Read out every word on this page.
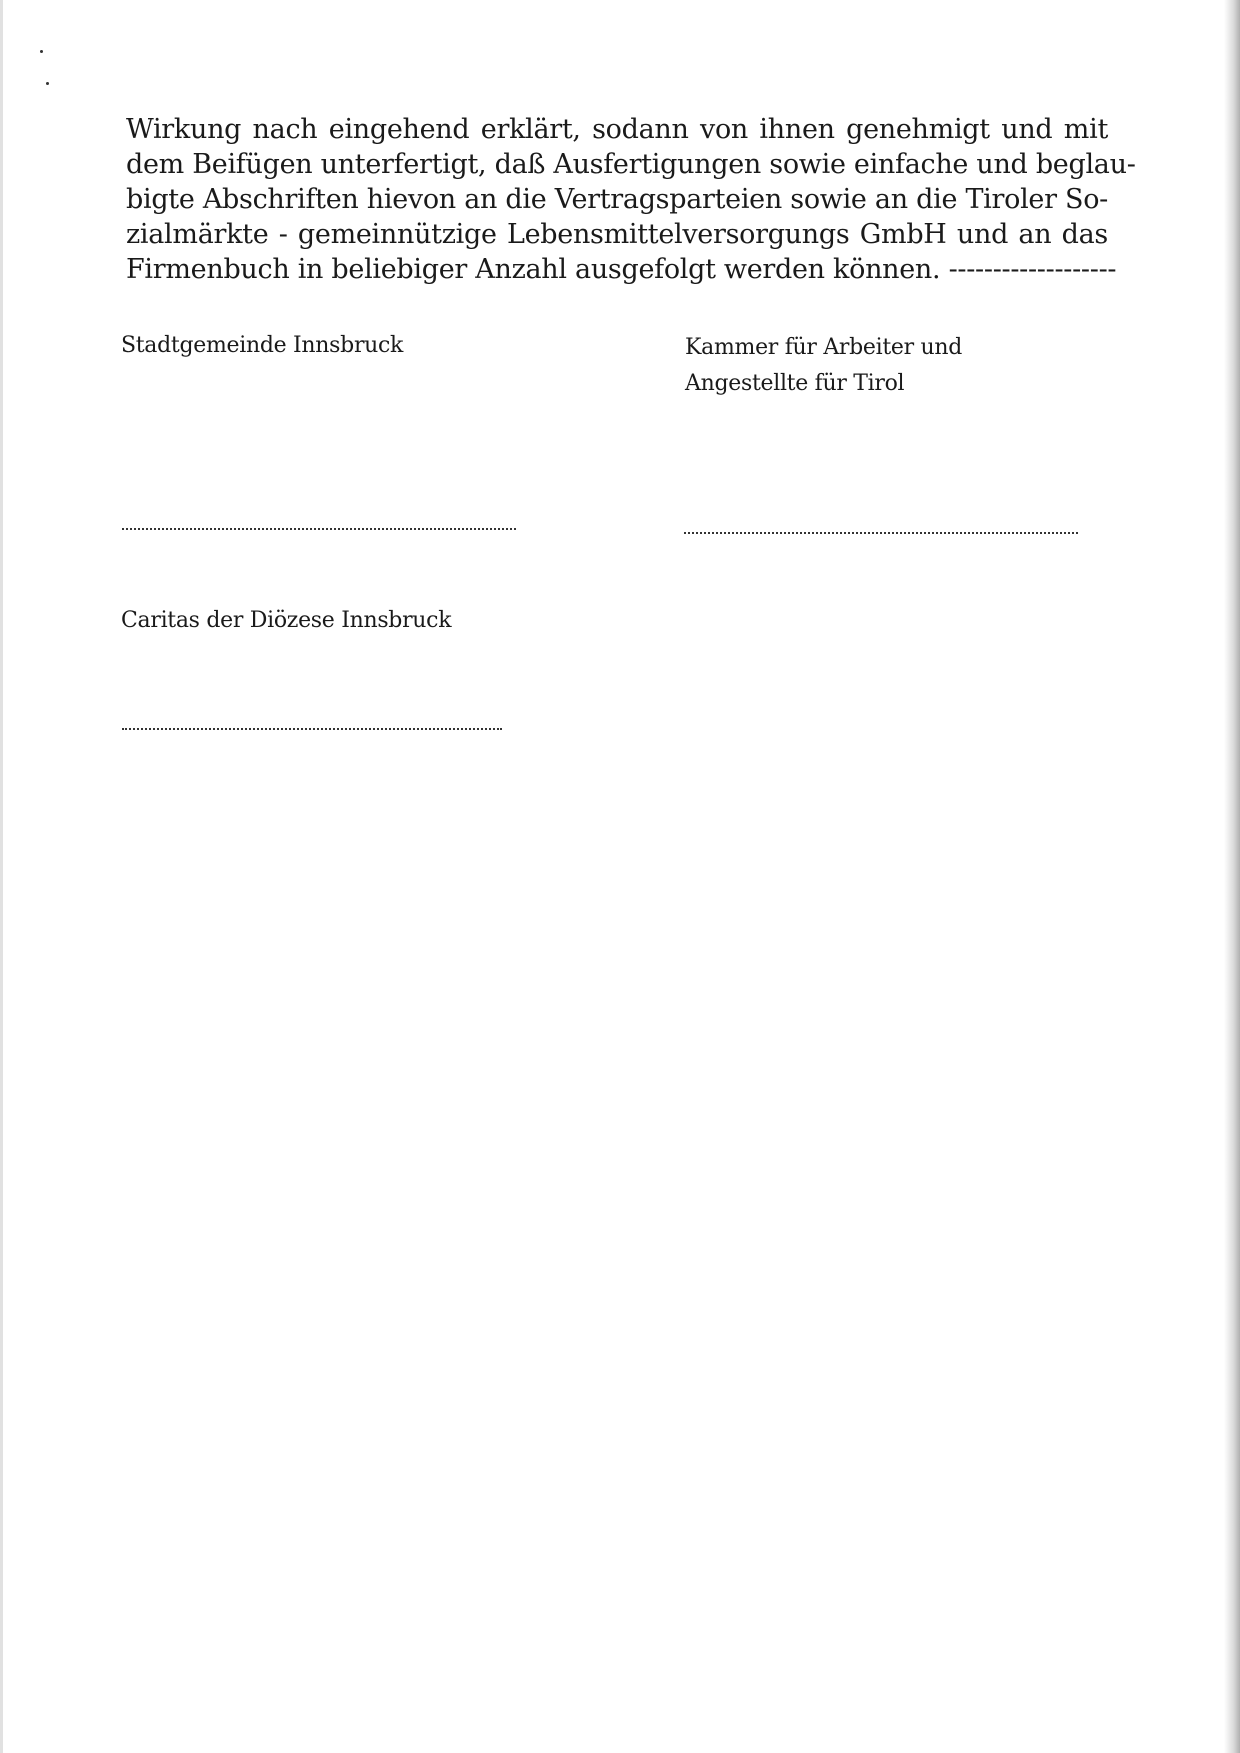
Wirkung nach eingehend erklärt, sodann von ihnen genehmigt und mit
dem Beifügen unterfertigt, daß Ausfertigungen sowie einfache und beglau-
bigte Abschriften hievon an die Vertragsparteien sowie an die Tiroler So-
zialmärkte - gemeinnützige Lebensmittelversorgungs GmbH und an das
Firmenbuch in beliebiger Anzahl ausgefolgt werden können. -------------------

Stadtgemeinde Innsbruck	Kammer für Arbeiter und

Angestellte für Tirol

Caritas der Diözese Innsbruck
